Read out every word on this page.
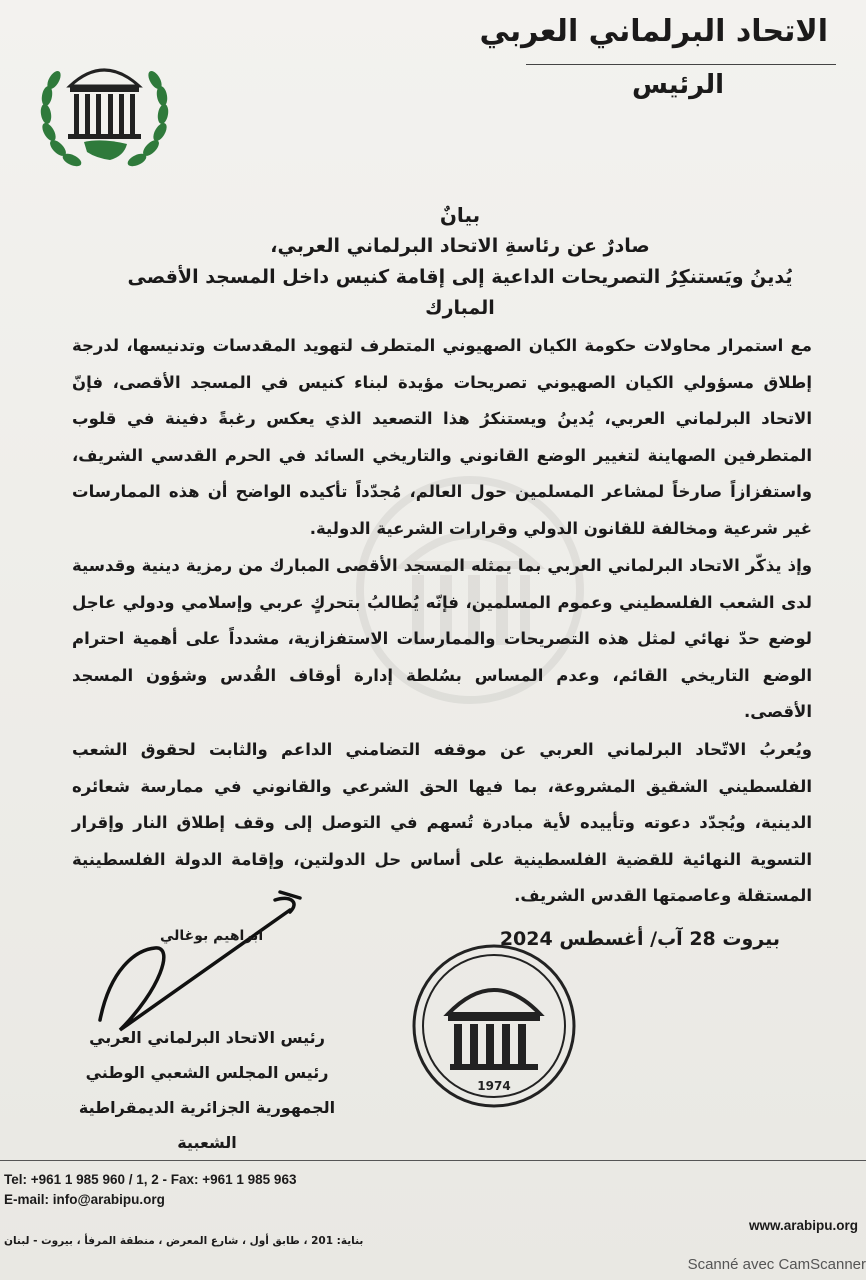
الاتحاد البرلماني العربي
الرئيس
بيانٌ
صادرٌ عن رئاسةِ الاتحاد البرلماني العربي،
يُدينُ ويَستنكِرُ التصريحات الداعية إلى إقامة كنيس داخل المسجد الأقصى المبارك
مع استمرار محاولات حكومة الكيان الصهيوني المتطرف لتهويد المقدسات وتدنيسها، لدرجة إطلاق مسؤولي الكيان الصهيوني تصريحات مؤيدة لبناء كنيس في المسجد الأقصى، فإنّ الاتحاد البرلماني العربي، يُدينُ ويستنكرُ هذا التصعيد الذي يعكس رغبةً دفينة في قلوب المتطرفين الصهاينة لتغيير الوضع القانوني والتاريخي السائد في الحرم القدسي الشريف، واستفزازاً صارخاً لمشاعر المسلمين حول العالم، مُجدّداً تأكيده الواضح أن هذه الممارسات غير شرعية ومخالفة للقانون الدولي وقرارات الشرعية الدولية.
وإذ يذكّر الاتحاد البرلماني العربي بما يمثله المسجد الأقصى المبارك من رمزية دينية وقدسية لدى الشعب الفلسطيني وعموم المسلمين، فإنّه يُطالبُ بتحركٍ عربي وإسلامي ودولي عاجل لوضع حدّ نهائي لمثل هذه التصريحات والممارسات الاستفزازية، مشدداً على أهمية احترام الوضع التاريخي القائم، وعدم المساس بسُلطة إدارة أوقاف القُدس وشؤون المسجد الأقصى.
ويُعربُ الاتّحاد البرلماني العربي عن موقفه التضامني الداعم والثابت لحقوق الشعب الفلسطيني الشقيق المشروعة، بما فيها الحق الشرعي والقانوني في ممارسة شعائره الدينية، ويُجدّد دعوته وتأييده لأية مبادرة تُسهم في التوصل إلى وقف إطلاق النار وإقرار التسوية النهائية للقضية الفلسطينية على أساس حل الدولتين، وإقامة الدولة الفلسطينية المستقلة وعاصمتها القدس الشريف.
بيروت 28 آب/ أغسطس 2024
ابراهيم بوغالي
رئيس الاتحاد البرلماني العربي
رئيس المجلس الشعبي الوطني
الجمهورية الجزائرية الديمقراطية الشعبية
1974
Tel: +961 1 985 960 / 1, 2 - Fax: +961 1 985 963
E-mail: info@arabipu.org
بناية: 201 ، طابق أول ، شارع المعرض ، منطقة المرفأ ، بيروت - لبنان
www.arabipu.org
Scanné avec CamScanner
